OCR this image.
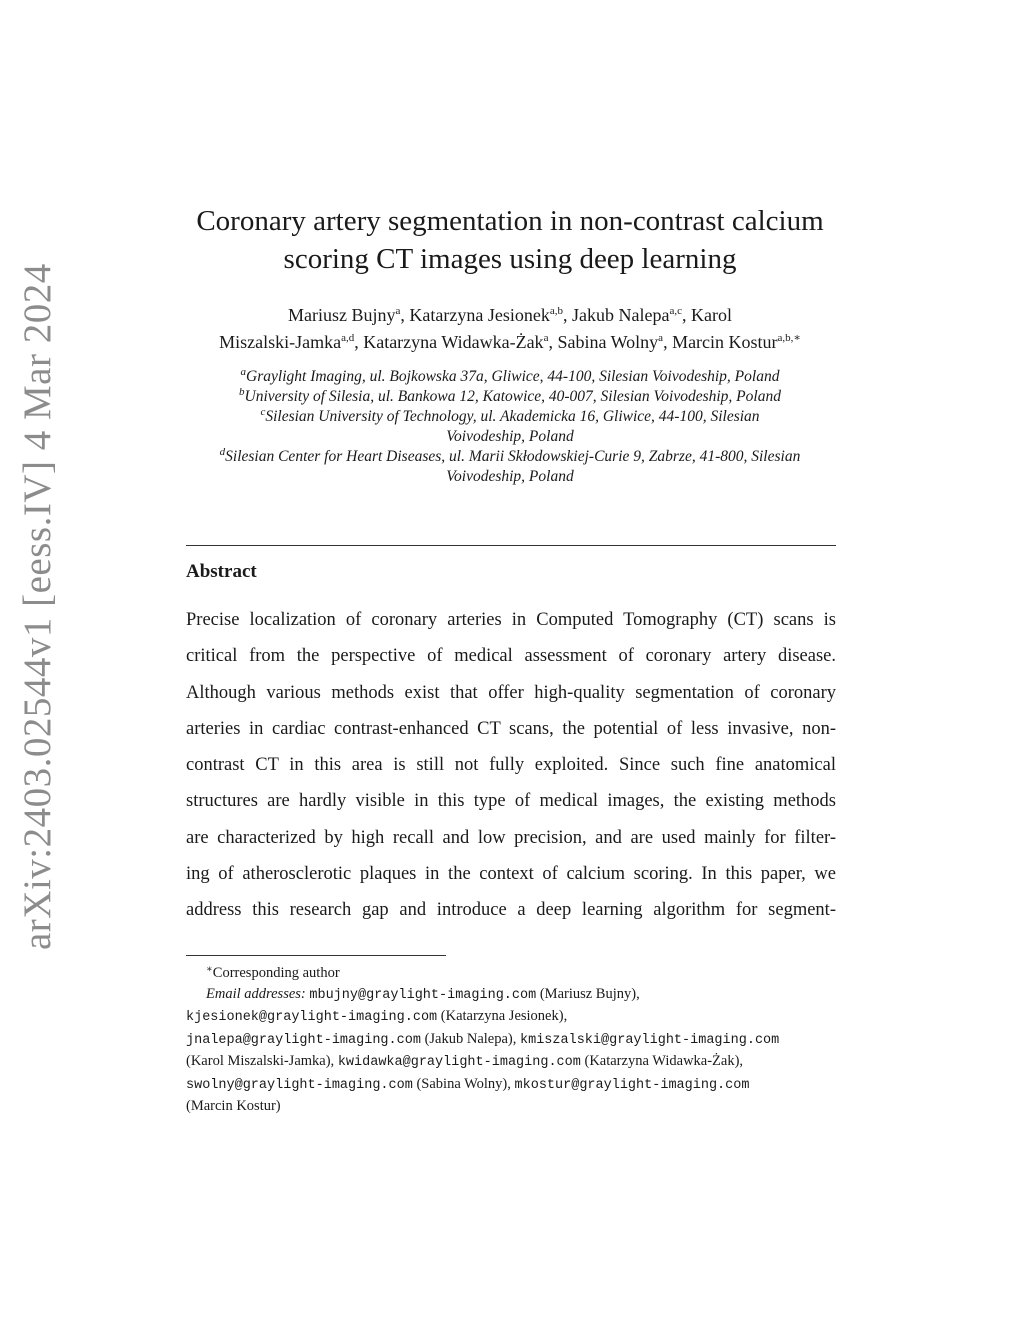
arXiv:2403.02544v1 [eess.IV] 4 Mar 2024
Coronary artery segmentation in non-contrast calcium
scoring CT images using deep learning
Mariusz Bujny$^a$, Katarzyna Jesionek$^{a,b}$, Jakub Nalepa$^{a,c}$, Karol
Miszalski-Jamka$^{a,d}$, Katarzyna Widawka-Żak$^a$, Sabina Wolny$^a$, Marcin Kostur$^{a,b,∗}$
$^a$Graylight Imaging, ul. Bojkowska 37a, Gliwice, 44-100, Silesian Voivodeship, Poland
$^b$University of Silesia, ul. Bankowa 12, Katowice, 40-007, Silesian Voivodeship, Poland
$^c$Silesian University of Technology, ul. Akademicka 16, Gliwice, 44-100, Silesian
Voivodeship, Poland
$^d$Silesian Center for Heart Diseases, ul. Marii Skłodowskiej-Curie 9, Zabrze, 41-800, Silesian
Voivodeship, Poland
Abstract
Precise localization of coronary arteries in Computed Tomography (CT) scans is
critical from the perspective of medical assessment of coronary artery disease.
Although various methods exist that offer high-quality segmentation of coronary
arteries in cardiac contrast-enhanced CT scans, the potential of less invasive, non-
contrast CT in this area is still not fully exploited. Since such fine anatomical
structures are hardly visible in this type of medical images, the existing methods
are characterized by high recall and low precision, and are used mainly for filter-
ing of atherosclerotic plaques in the context of calcium scoring. In this paper, we
address this research gap and introduce a deep learning algorithm for segment-
∗Corresponding author
Email addresses: mbujny@graylight-imaging.com (Mariusz Bujny),
kjesionek@graylight-imaging.com (Katarzyna Jesionek),
jnalepa@graylight-imaging.com (Jakub Nalepa), kmiszalski@graylight-imaging.com
(Karol Miszalski-Jamka), kwidawka@graylight-imaging.com (Katarzyna Widawka-Żak),
swolny@graylight-imaging.com (Sabina Wolny), mkostur@graylight-imaging.com
(Marcin Kostur)
